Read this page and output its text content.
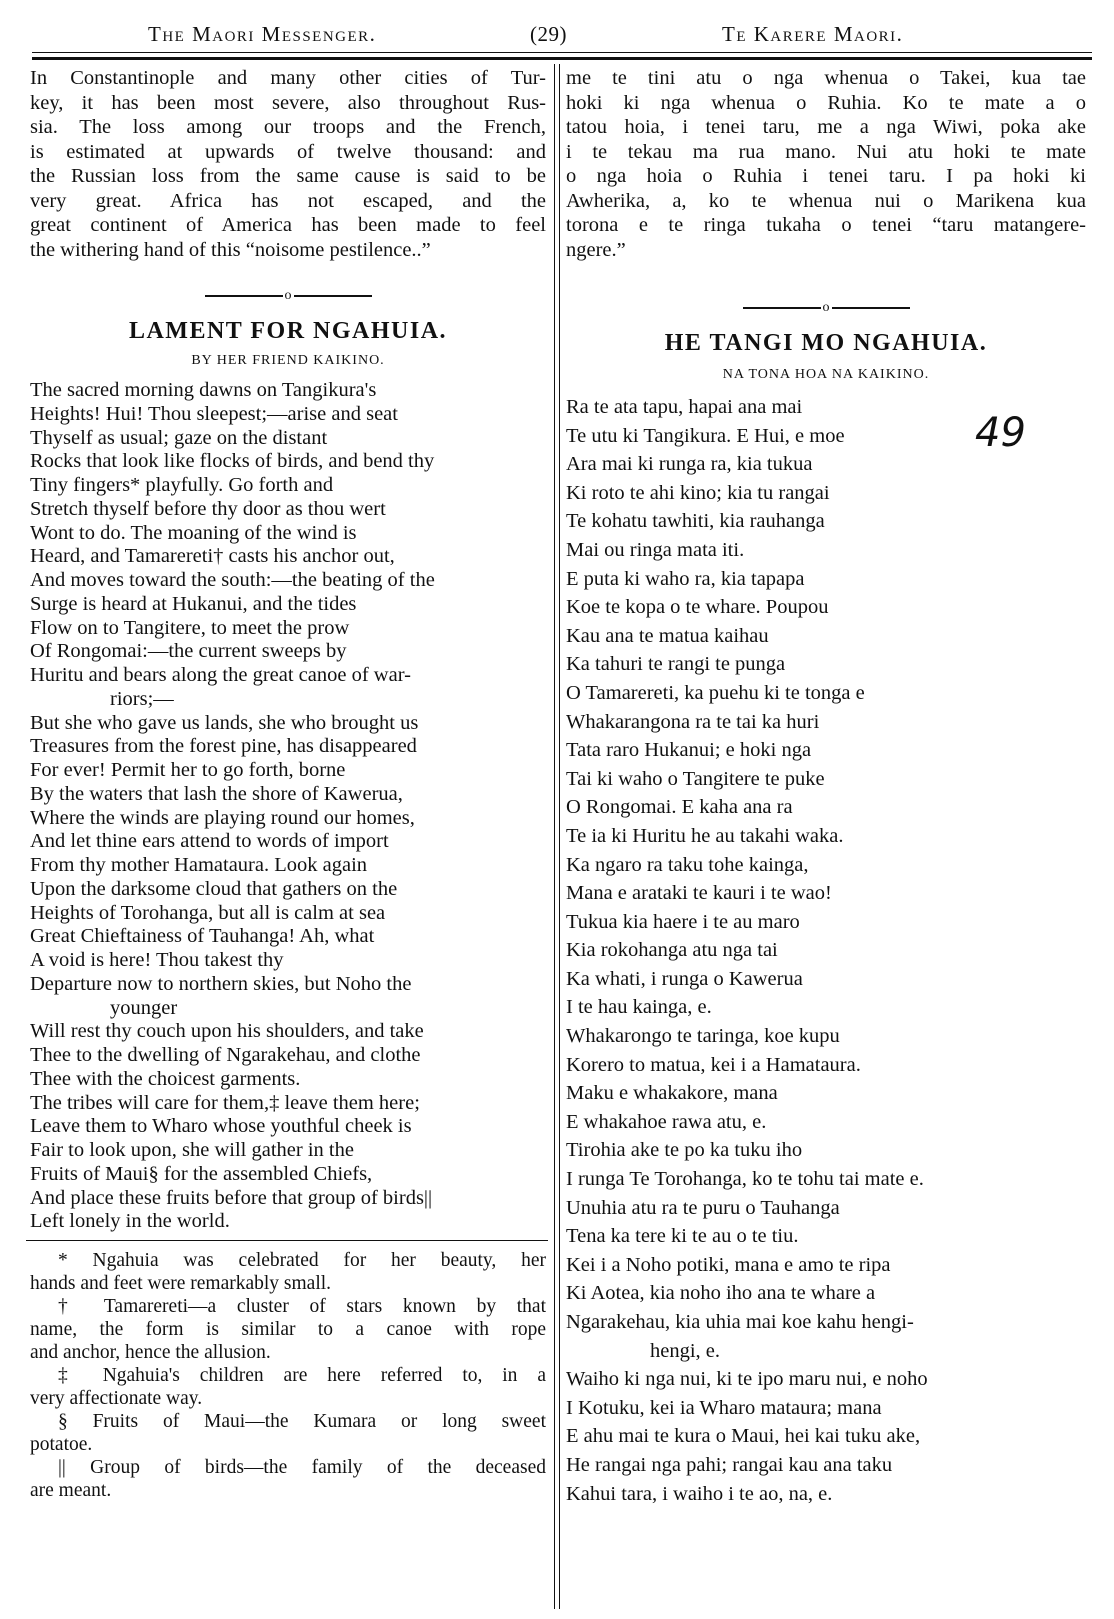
The Maori Messenger.	(29)	Te Karere Maori.

In Constantinople and many other cities of Tur-
key, it has been most severe, also throughout Rus-
sia. The loss among our troops and the French,
is estimated at upwards of twelve thousand: and
the Russian loss from the same cause is said to be
very great. Africa has not escaped, and the
great continent of America has been made to feel
the withering hand of this “noisome pestilence..”

o
LAMENT FOR NGAHUIA.

BY HER FRIEND KAIKINO.

The sacred morning dawns on Tangikura's
Heights! Hui! Thou sleepest;—arise and seat
Thyself as usual; gaze on the distant
Rocks that look like flocks of birds, and bend thy
Tiny fingers* playfully. Go forth and
Stretch thyself before thy door as thou wert
Wont to do. The moaning of the wind is
Heard, and Tamarereti† casts his anchor out,
And moves toward the south:—the beating of the
Surge is heard at Hukanui, and the tides
Flow on to Tangitere, to meet the prow
Of Rongomai:—the current sweeps by
Huritu and bears along the great canoe of war-
riors;—
But she who gave us lands, she who brought us
Treasures from the forest pine, has disappeared
For ever! Permit her to go forth, borne
By the waters that lash the shore of Kawerua,
Where the winds are playing round our homes,
And let thine ears attend to words of import
From thy mother Hamataura. Look again
Upon the darksome cloud that gathers on the
Heights of Torohanga, but all is calm at sea
Great Chieftainess of Tauhanga! Ah, what
A void is here! Thou takest thy
Departure now to northern skies, but Noho the
younger
Will rest thy couch upon his shoulders, and take
Thee to the dwelling of Ngarakehau, and clothe
Thee with the choicest garments.
The tribes will care for them,‡ leave them here;
Leave them to Wharo whose youthful cheek is
Fair to look upon, she will gather in the
Fruits of Maui§ for the assembled Chiefs,
And place these fruits before that group of birds||
Left lonely in the world.

* Ngahuia was celebrated for her beauty, her
hands and feet were remarkably small.

† Tamarereti—a cluster of stars known by that
name, the form is similar to a canoe with rope
and anchor, hence the allusion.

‡ Ngahuia's children are here referred to, in a
very affectionate way.

§ Fruits of Maui—the Kumara or long sweet
potatoe.

|| Group of birds—the family of the deceased
are meant.

me te tini atu o nga whenua o Takei, kua tae
hoki ki nga whenua o Ruhia. Ko te mate a o
tatou hoia, i tenei taru, me a nga Wiwi, poka ake
i te tekau ma rua mano. Nui atu hoki te mate
o nga hoia o Ruhia i tenei taru. I pa hoki ki
Awherika, a, ko te whenua nui o Marikena kua
torona e te ringa tukaha o tenei “taru matangere-
ngere.”

o
HE TANGI MO NGAHUIA.

NA TONA HOA NA KAIKINO.

Ra te ata tapu, hapai ana mai
Te utu ki Tangikura. E Hui, e moe
Ara mai ki runga ra, kia tukua
Ki roto te ahi kino; kia tu rangai
Te kohatu tawhiti, kia rauhanga
Mai ou ringa mata iti.
E puta ki waho ra, kia tapapa
Koe te kopa o te whare. Poupou
Kau ana te matua kaihau
Ka tahuri te rangi te punga
O Tamarereti, ka puehu ki te tonga e
Whakarangona ra te tai ka huri
Tata raro Hukanui; e hoki nga
Tai ki waho o Tangitere te puke
O Rongomai. E kaha ana ra
Te ia ki Huritu he au takahi waka.
Ka ngaro ra taku tohe kainga,
Mana e arataki te kauri i te wao!
Tukua kia haere i te au maro
Kia rokohanga atu nga tai
Ka whati, i runga o Kawerua
I te hau kainga, e.
Whakarongo te taringa, koe kupu
Korero to matua, kei i a Hamataura.
Maku e whakakore, mana
E whakahoe rawa atu, e.
Tirohia ake te po ka tuku iho
I runga Te Torohanga, ko te tohu tai mate e.
Unuhia atu ra te puru o Tauhanga
Tena ka tere ki te au o te tiu.
Kei i a Noho potiki, mana e amo te ripa
Ki Aotea, kia noho iho ana te whare a
Ngarakehau, kia uhia mai koe kahu hengi-
hengi, e.
Waiho ki nga nui, ki te ipo maru nui, e noho
I Kotuku, kei ia Wharo mataura; mana
E ahu mai te kura o Maui, hei kai tuku ake,
He rangai nga pahi; rangai kau ana taku
Kahui tara, i waiho i te ao, na, e.
49
